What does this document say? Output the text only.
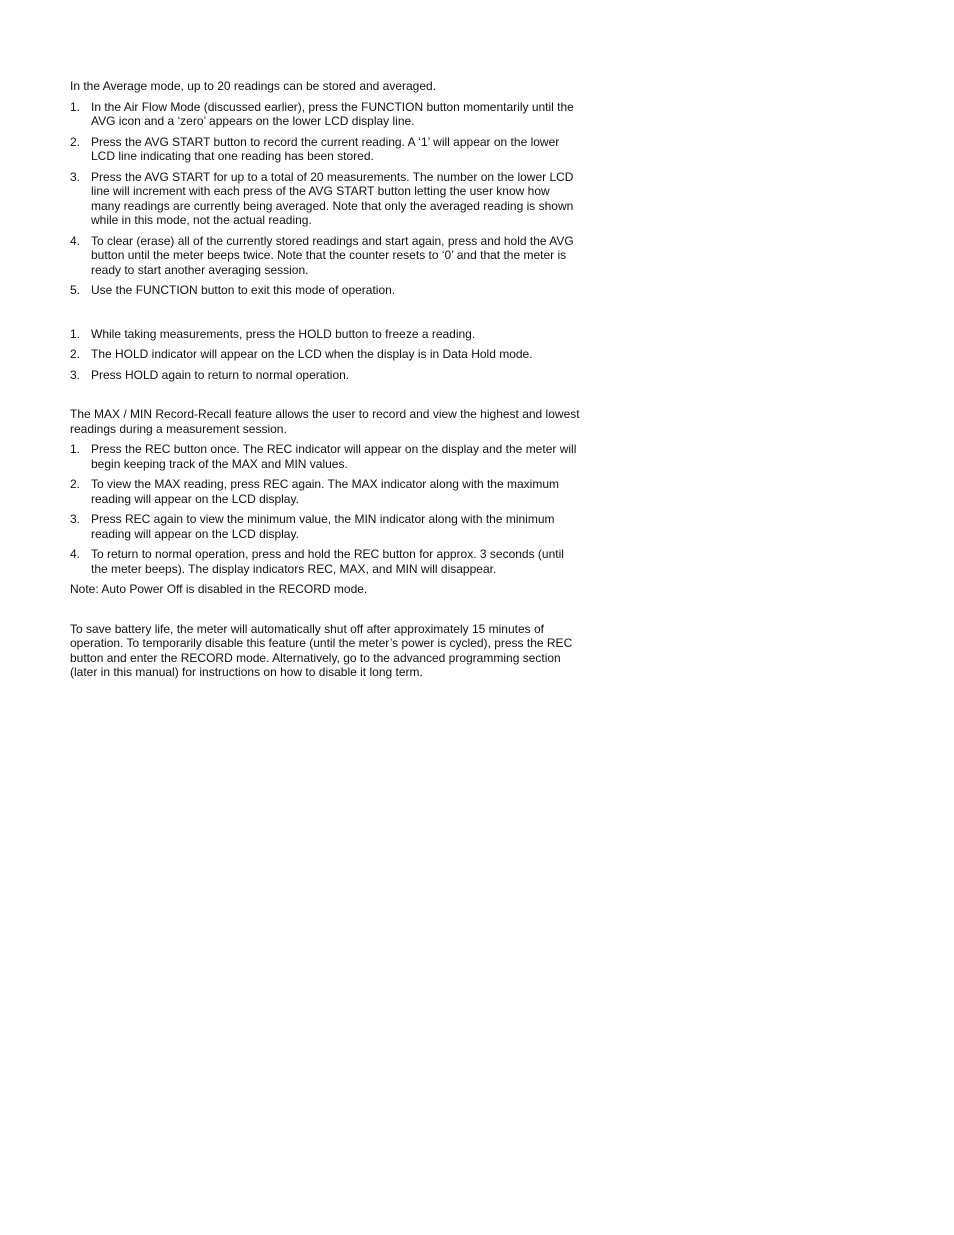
In the Average mode, up to 20 readings can be stored and averaged.

1. In the Air Flow Mode (discussed earlier), press the FUNCTION button momentarily until the AVG icon and a ‘zero’ appears on the lower LCD display line.
2. Press the AVG START button to record the current reading. A ‘1’ will appear on the lower LCD line indicating that one reading has been stored.
3. Press the AVG START for up to a total of 20 measurements. The number on the lower LCD line will increment with each press of the AVG START button letting the user know how many readings are currently being averaged. Note that only the averaged reading is shown while in this mode, not the actual reading.
4. To clear (erase) all of the currently stored readings and start again, press and hold the AVG button until the meter beeps twice. Note that the counter resets to ‘0’ and that the meter is ready to start another averaging session.
5. Use the FUNCTION button to exit this mode of operation.
1. While taking measurements, press the HOLD button to freeze a reading.
2. The HOLD indicator will appear on the LCD when the display is in Data Hold mode.
3. Press HOLD again to return to normal operation.

The MAX / MIN Record-Recall feature allows the user to record and view the highest and lowest readings during a measurement session.

1. Press the REC button once. The REC indicator will appear on the display and the meter will begin keeping track of the MAX and MIN values.
2. To view the MAX reading, press REC again. The MAX indicator along with the maximum reading will appear on the LCD display.
3. Press REC again to view the minimum value, the MIN indicator along with the minimum reading will appear on the LCD display.
4. To return to normal operation, press and hold the REC button for approx. 3 seconds (until the meter beeps). The display indicators REC, MAX, and MIN will disappear.

Note: Auto Power Off is disabled in the RECORD mode.

To save battery life, the meter will automatically shut off after approximately 15 minutes of operation. To temporarily disable this feature (until the meter’s power is cycled), press the REC button and enter the RECORD mode. Alternatively, go to the advanced programming section (later in this manual) for instructions on how to disable it long term.
